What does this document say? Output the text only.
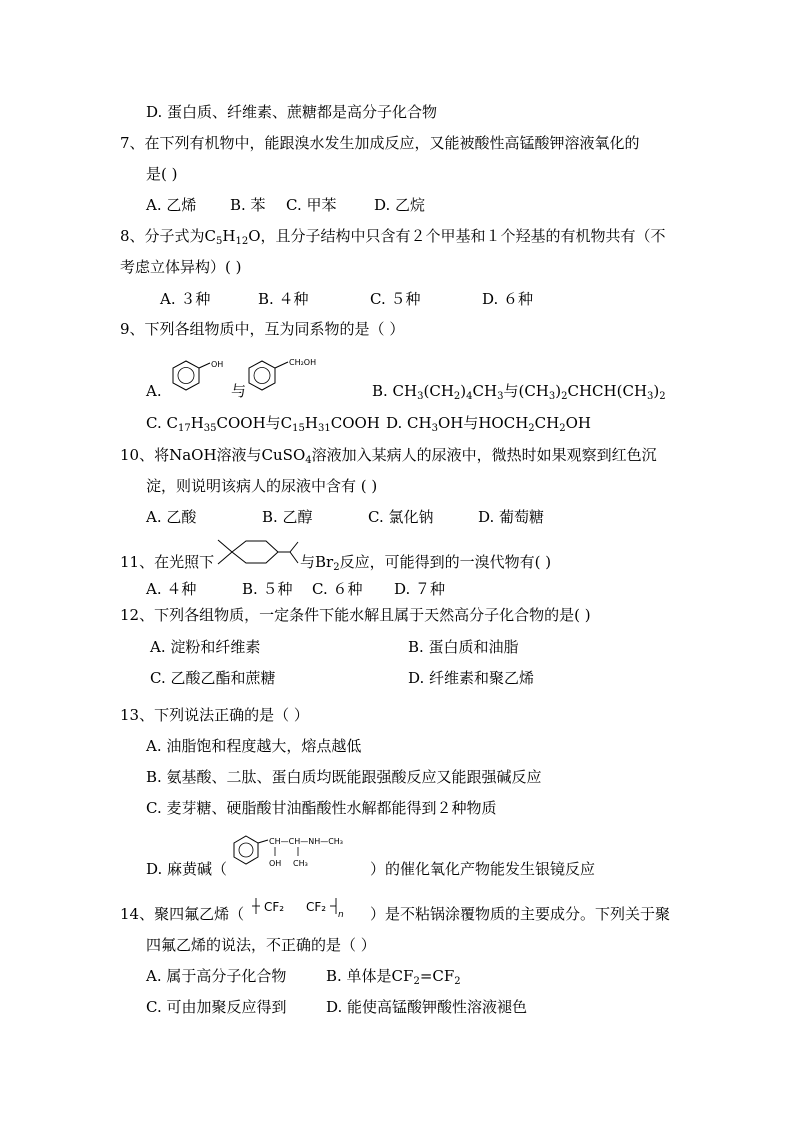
D. 蛋白质、纤维素、蔗糖都是高分子化合物
7、在下列有机物中，能跟溴水发生加成反应，又能被酸性高锰酸钾溶液氧化的
是( )
A. 乙烯 B. 苯 C. 甲苯	D. 乙烷
8、分子式为$C_5H_{12}O$，且分子结构中只含有２个甲基和１个羟基的有机物共有（不
考虑立体异构）( )
A. ３种	B. ４种	C. ５种	D. ６种
9、下列各组物质中，互为同系物的是（ ）
A.
OH
与
CH₂OH
B. $CH_3(CH_2)_4CH_3$与$(CH_3)_2CHCH(CH_3)_2$
C. $C_{17}H_{35}COOH$与$C_{15}H_{31}COOH$ D. $CH_3OH$与$HOCH_2CH_2OH$
10、将NaOH溶液与CuSO$_4$溶液加入某病人的尿液中，微热时如果观察到红色沉
淀，则说明该病人的尿液中含有 ( )
A. 乙酸	B. 乙醇	C. 氯化钠	D. 葡萄糖
11、在光照下	与$Br_2$反应，可能得到的一溴代物有( )
A. ４种	B. ５种 C. ６种 D. ７种
12、下列各组物质，一定条件下能水解且属于天然高分子化合物的是( )
A. 淀粉和纤维素	B. 蛋白质和油脂
C. 乙酸乙酯和蔗糖	D. 纤维素和聚乙烯
13、下列说法正确的是（ ）
A. 油脂饱和程度越大，熔点越低
B. 氨基酸、二肽、蛋白质均既能跟强酸反应又能跟强碱反应
C. 麦芽糖、硬脂酸甘油酯酸性水解都能得到２种物质
D. 麻黄碱（
CH—CH—NH—CH₃
OH CH₃	）的催化氧化产物能发生银镜反应
14、聚四氟乙烯（ CF₂ CF₂
n ）是不粘锅涂覆物质的主要成分。下列关于聚
四氟乙烯的说法，不正确的是（ ）
A. 属于高分子化合物	B. 单体是$CF_2=CF_2$
C. 可由加聚反应得到	D. 能使高锰酸钾酸性溶液褪色
